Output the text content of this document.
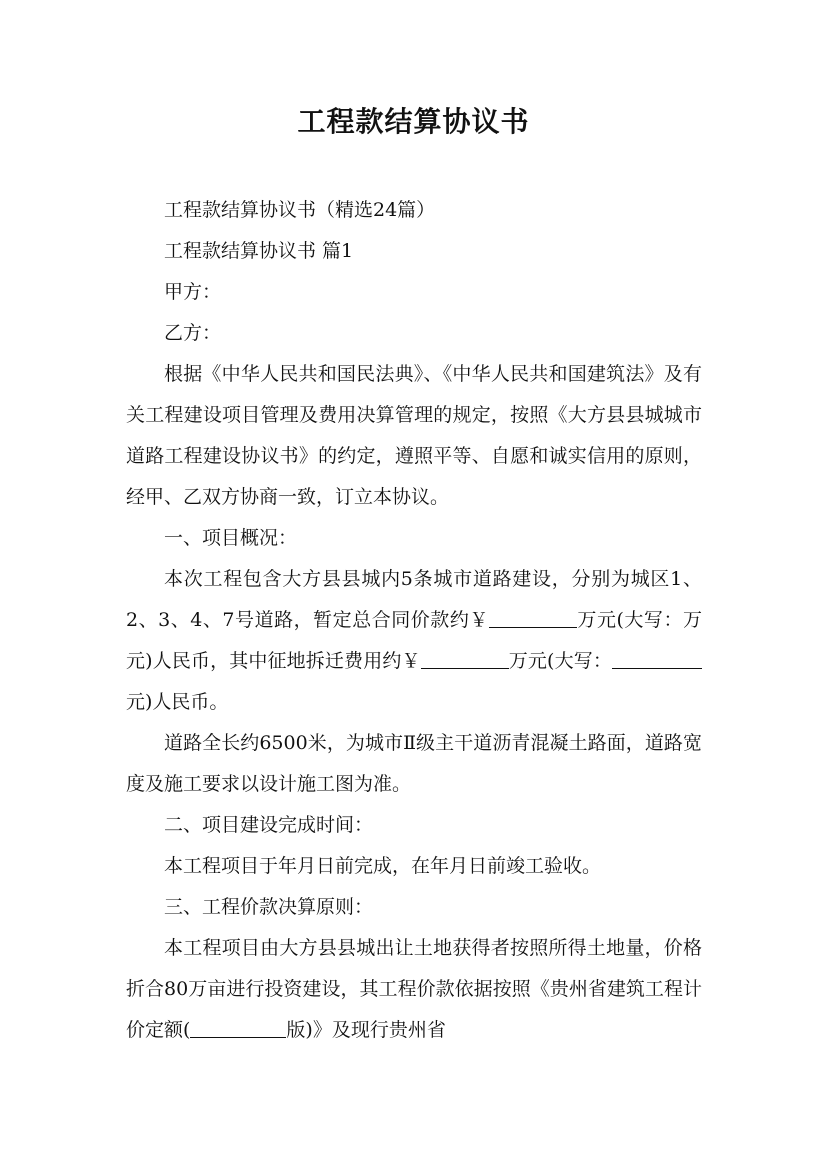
工程款结算协议书

工程款结算协议书（精选24篇）

工程款结算协议书 篇1

甲方：

乙方：

根据《中华人民共和国民法典》、《中华人民共和国建筑法》及有关工程建设项目管理及费用决算管理的规定，按照《大方县县城城市道路工程建设协议书》的约定，遵照平等、自愿和诚实信用的原则，经甲、乙双方协商一致，订立本协议。

一、项目概况：

本次工程包含大方县县城内5条城市道路建设，分别为城区1、2、3、4、7号道路，暂定总合同价款约￥	万元(大写：万元)人民币，其中征地拆迁费用约￥	万元(大写：元)人民币。

道路全长约6500米，为城市Ⅱ级主干道沥青混凝土路面，道路宽度及施工要求以设计施工图为准。

二、项目建设完成时间：

本工程项目于年月日前完成，在年月日前竣工验收。

三、工程价款决算原则：

本工程项目由大方县县城出让土地获得者按照所得土地量，价格折合80万亩进行投资建设，其工程价款依据按照《贵州省建筑工程计价定额(	版)》及现行贵州省
